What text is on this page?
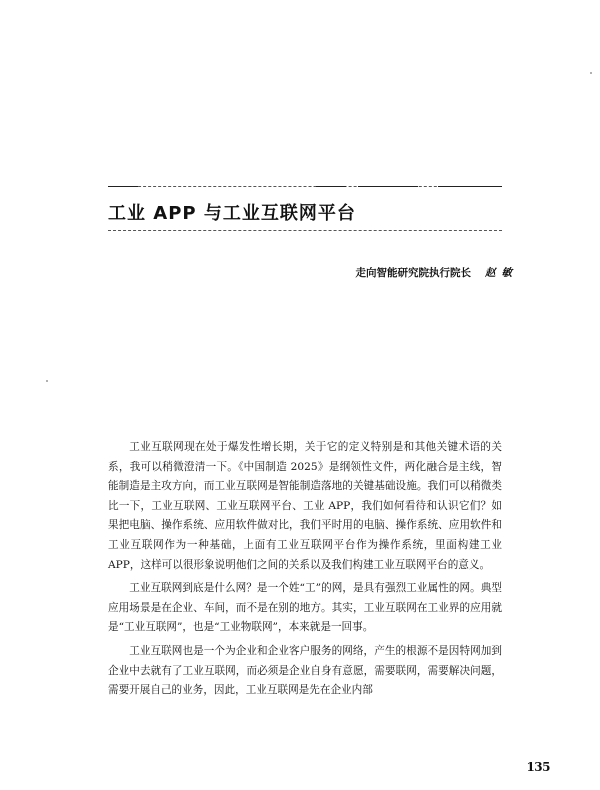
工业 APP 与工业互联网平台
走向智能研究院执行院长 赵敏

工业互联网现在处于爆发性增长期，关于它的定义特别是和其他关键术语的关系，我可以稍微澄清一下。《中国制造 2025》是纲领性文件，两化融合是主线，智能制造是主攻方向，而工业互联网是智能制造落地的关键基础设施。我们可以稍微类比一下，工业互联网、工业互联网平台、工业 APP，我们如何看待和认识它们？如果把电脑、操作系统、应用软件做对比，我们平时用的电脑、操作系统、应用软件和工业互联网作为一种基础，上面有工业互联网平台作为操作系统，里面构建工业 APP，这样可以很形象说明他们之间的关系以及我们构建工业互联网平台的意义。

工业互联网到底是什么网？是一个姓“工”的网，是具有强烈工业属性的网。典型应用场景是在企业、车间，而不是在别的地方。其实，工业互联网在工业界的应用就是“工业互联网”，也是“工业物联网”，本来就是一回事。

工业互联网也是一个为企业和企业客户服务的网络，产生的根源不是因特网加到企业中去就有了工业互联网，而必须是企业自身有意愿，需要联网，需要解决问题，需要开展自己的业务，因此，工业互联网是先在企业内部

135
